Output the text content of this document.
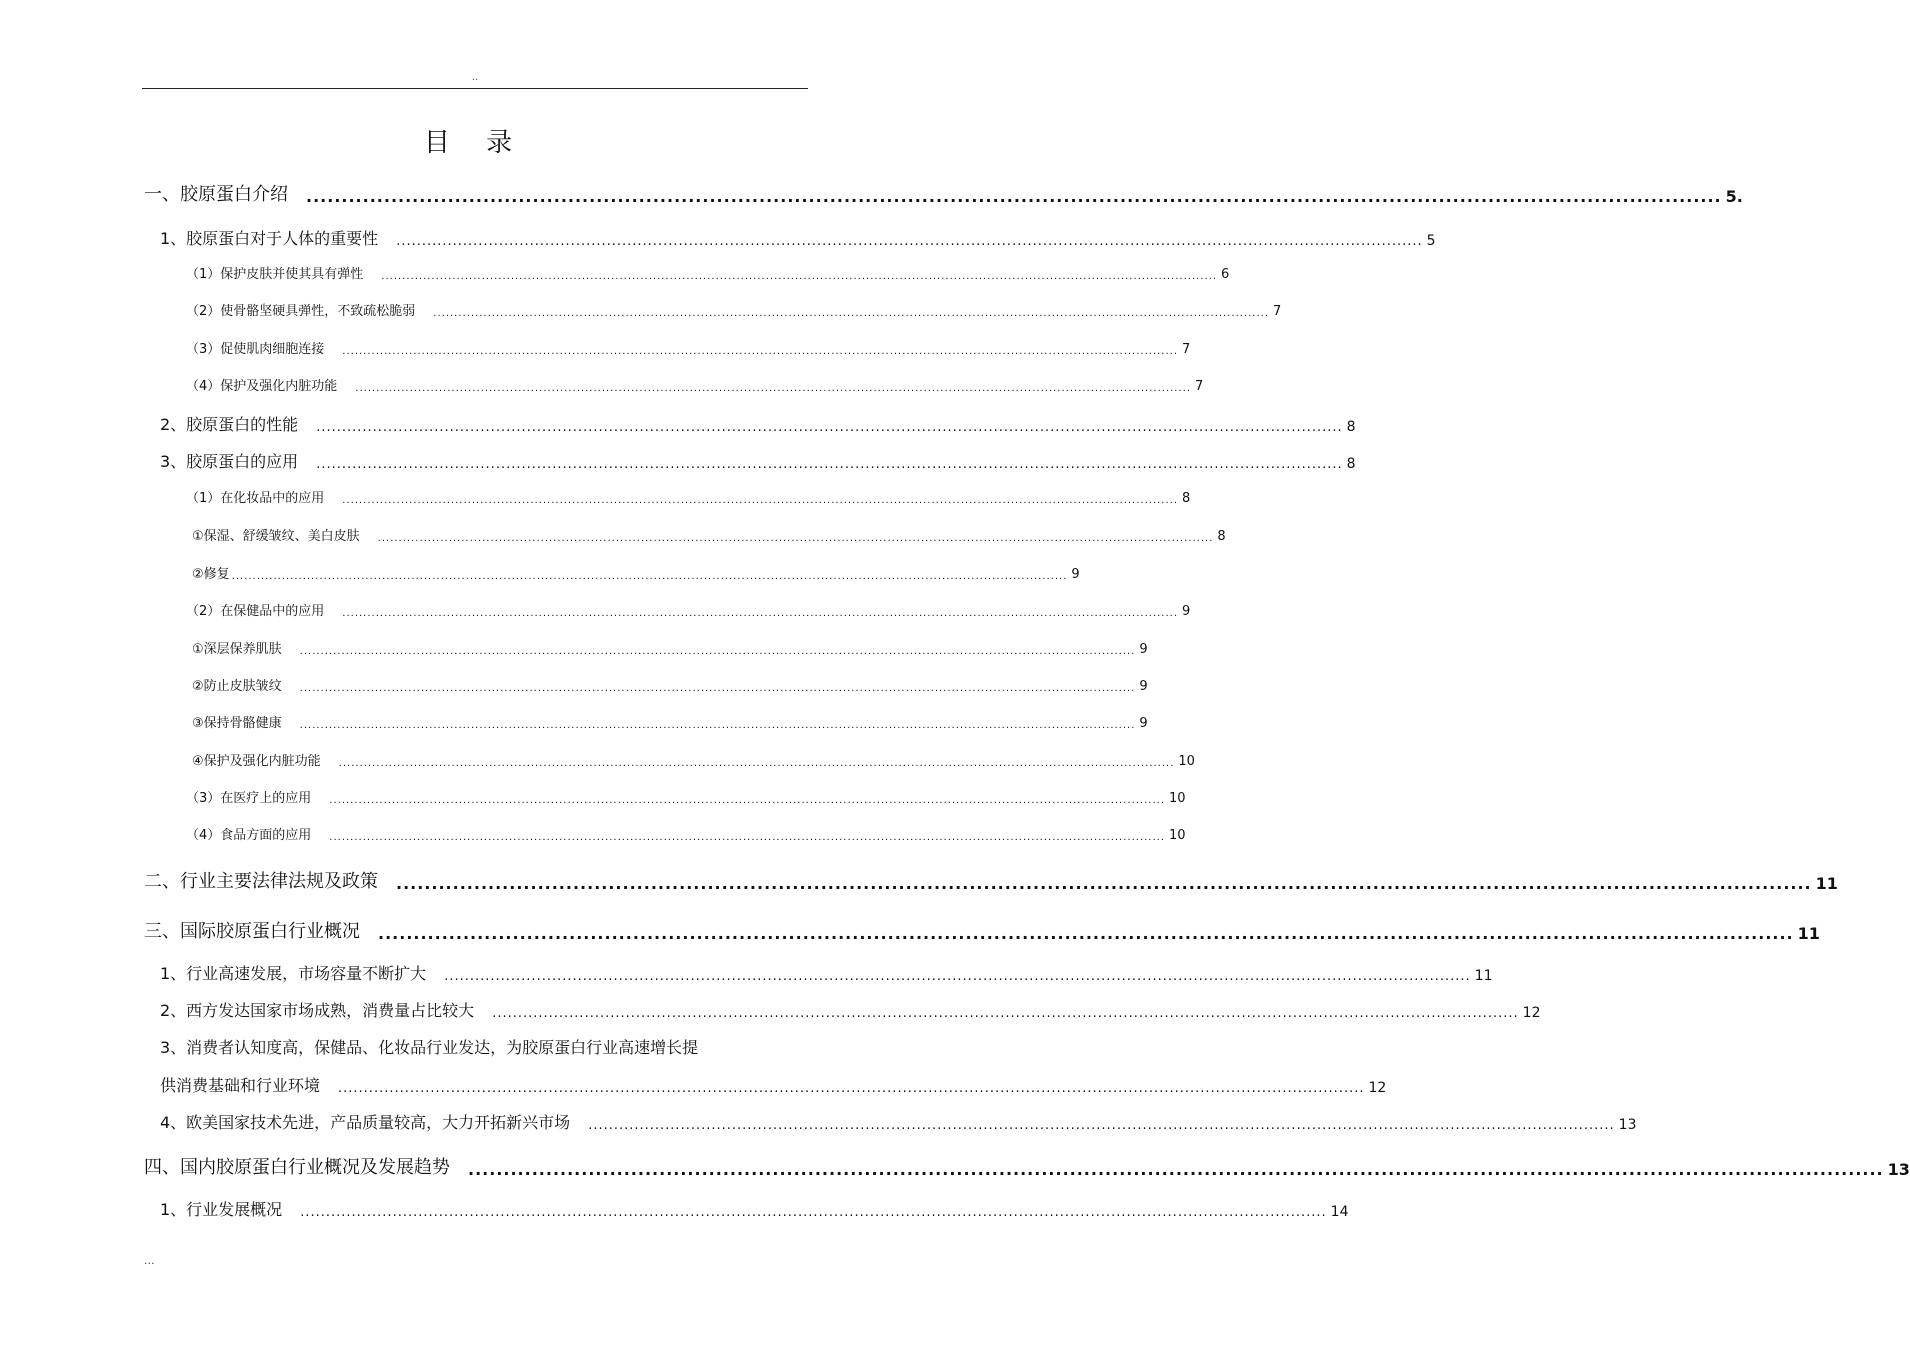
..
目 录
一、胶原蛋白介绍 ........................................................................................................................................................................................................ 5.
1、胶原蛋白对于人体的重要性 ........................................................................................................................................................................................................ 5
（1）保护皮肤并使其具有弹性 ........................................................................................................................................................................................................ 6
（2）使骨骼坚硬具弹性，不致疏松脆弱 ........................................................................................................................................................................................................ 7
（3）促使肌肉细胞连接 ........................................................................................................................................................................................................ 7
（4）保护及强化内脏功能 ........................................................................................................................................................................................................ 7
2、胶原蛋白的性能 ........................................................................................................................................................................................................ 8
3、胶原蛋白的应用 ........................................................................................................................................................................................................ 8
（1）在化妆品中的应用 ........................................................................................................................................................................................................ 8
①保湿、舒缓皱纹、美白皮肤 ........................................................................................................................................................................................................ 8
②修复 ........................................................................................................................................................................................................ 9
（2）在保健品中的应用 ........................................................................................................................................................................................................ 9
①深层保养肌肤 ........................................................................................................................................................................................................ 9
②防止皮肤皱纹 ........................................................................................................................................................................................................ 9
③保持骨骼健康 ........................................................................................................................................................................................................ 9
④保护及强化内脏功能 ........................................................................................................................................................................................................ 10
（3）在医疗上的应用 ........................................................................................................................................................................................................ 10
（4）食品方面的应用 ........................................................................................................................................................................................................ 10
二、行业主要法律法规及政策 ........................................................................................................................................................................................................ 11
三、国际胶原蛋白行业概况 ........................................................................................................................................................................................................ 11
1、行业高速发展，市场容量不断扩大 ........................................................................................................................................................................................................ 11
2、西方发达国家市场成熟，消费量占比较大 ........................................................................................................................................................................................................ 12
3、消费者认知度高，保健品、化妆品行业发达，为胶原蛋白行业高速增长提
供消费基础和行业环境 ........................................................................................................................................................................................................ 12
4、欧美国家技术先进，产品质量较高，大力开拓新兴市场 ........................................................................................................................................................................................................ 13
四、国内胶原蛋白行业概况及发展趋势 ........................................................................................................................................................................................................ 13
1、行业发展概况 ........................................................................................................................................................................................................ 14
...
